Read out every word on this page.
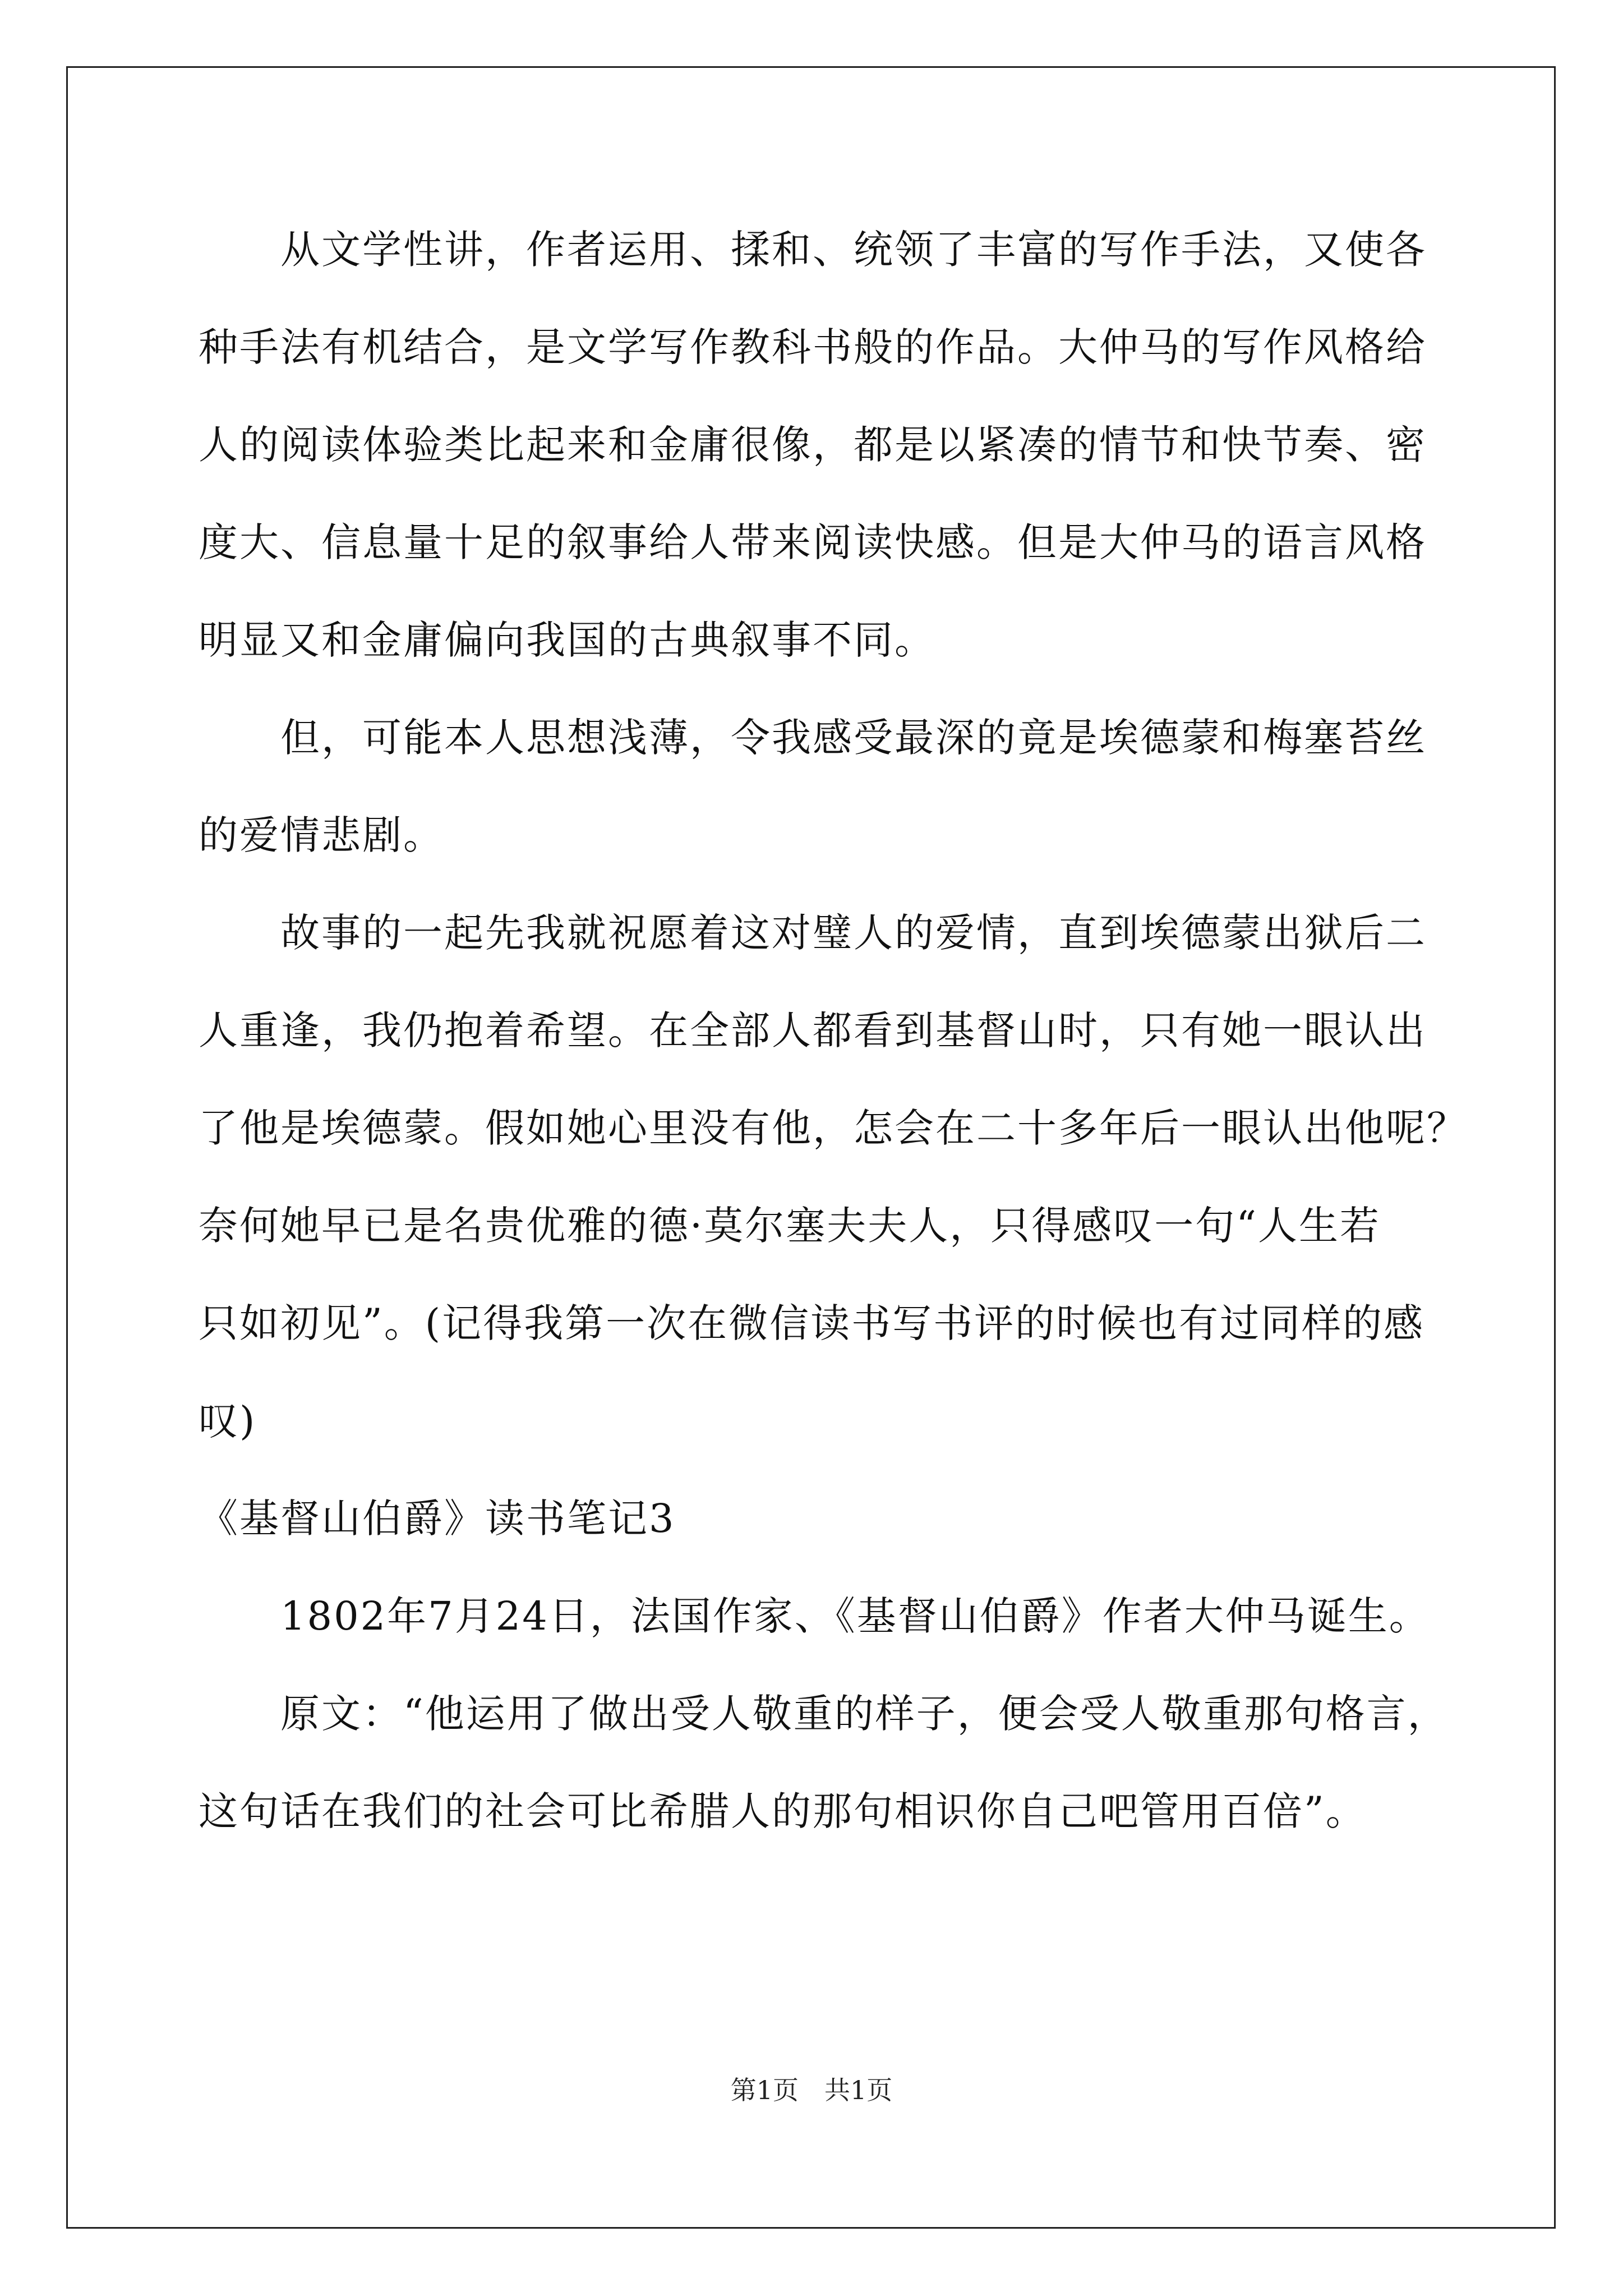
　　从文学性讲，作者运用、揉和、统领了丰富的写作手法，又使各
种手法有机结合，是文学写作教科书般的作品。大仲马的写作风格给
人的阅读体验类比起来和金庸很像，都是以紧凑的情节和快节奏、密
度大、信息量十足的叙事给人带来阅读快感。但是大仲马的语言风格
明显又和金庸偏向我国的古典叙事不同。
　　但，可能本人思想浅薄，令我感受最深的竟是埃德蒙和梅塞苔丝
的爱情悲剧。
　　故事的一起先我就祝愿着这对璧人的爱情，直到埃德蒙出狱后二
人重逢，我仍抱着希望。在全部人都看到基督山时，只有她一眼认出
了他是埃德蒙。假如她心里没有他，怎会在二十多年后一眼认出他呢？
奈何她早已是名贵优雅的德·莫尔塞夫夫人，只得感叹一句“人生若
只如初见”。(记得我第一次在微信读书写书评的时候也有过同样的感
叹)
《基督山伯爵》读书笔记3
　　1802年7月24日，法国作家、《基督山伯爵》作者大仲马诞生。
　　原文：“他运用了做出受人敬重的样子，便会受人敬重那句格言，
这句话在我们的社会可比希腊人的那句相识你自己吧管用百倍”。
第1页　共1页
